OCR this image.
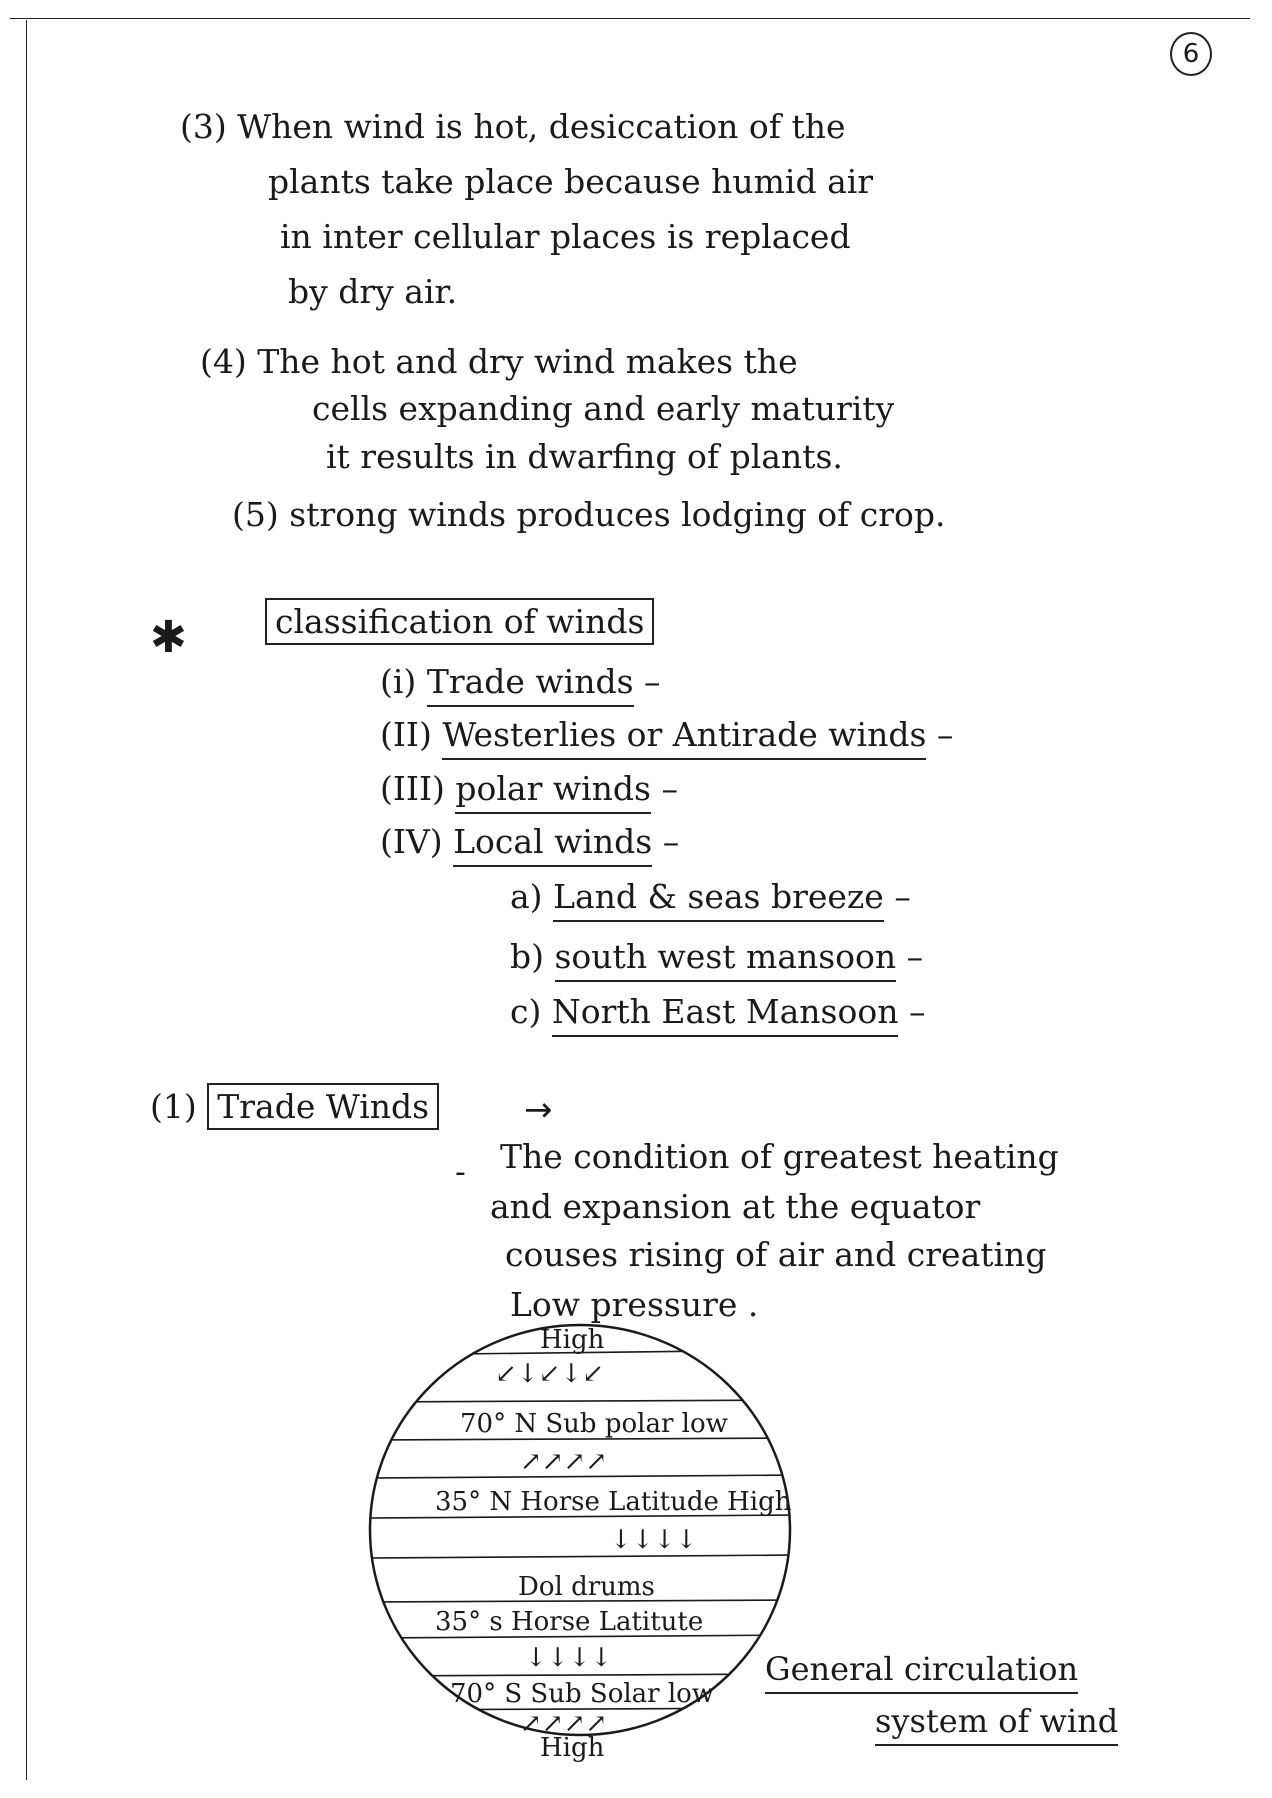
6
(3) When wind is hot, desiccation of the
plants take place because humid air
in inter cellular places is replaced
by dry air.
(4) The hot and dry wind makes the
cells expanding and early maturity
it results in dwarfing of plants.
(5) strong winds produces lodging of crop.
✱	classification of winds
(i) Trade winds –
(II) Westerlies or Antirade winds –
(III) polar winds –
(IV) Local winds –
a) Land & seas breeze –
b) south west mansoon –
c) North East Mansoon –
(1) Trade Winds	→
- The condition of greatest heating
and expansion at the equator
couses rising of air and creating
Low pressure .
High
↙↓↙↓↙
70° N Sub polar low
↗↗↗↗
35° N Horse Latitude High
↓↓↓↓
Dol drums
35° s Horse Latitute
↓↓↓↓
70° S Sub Solar low
↗↗↗↗
High
General circulation
system of wind
